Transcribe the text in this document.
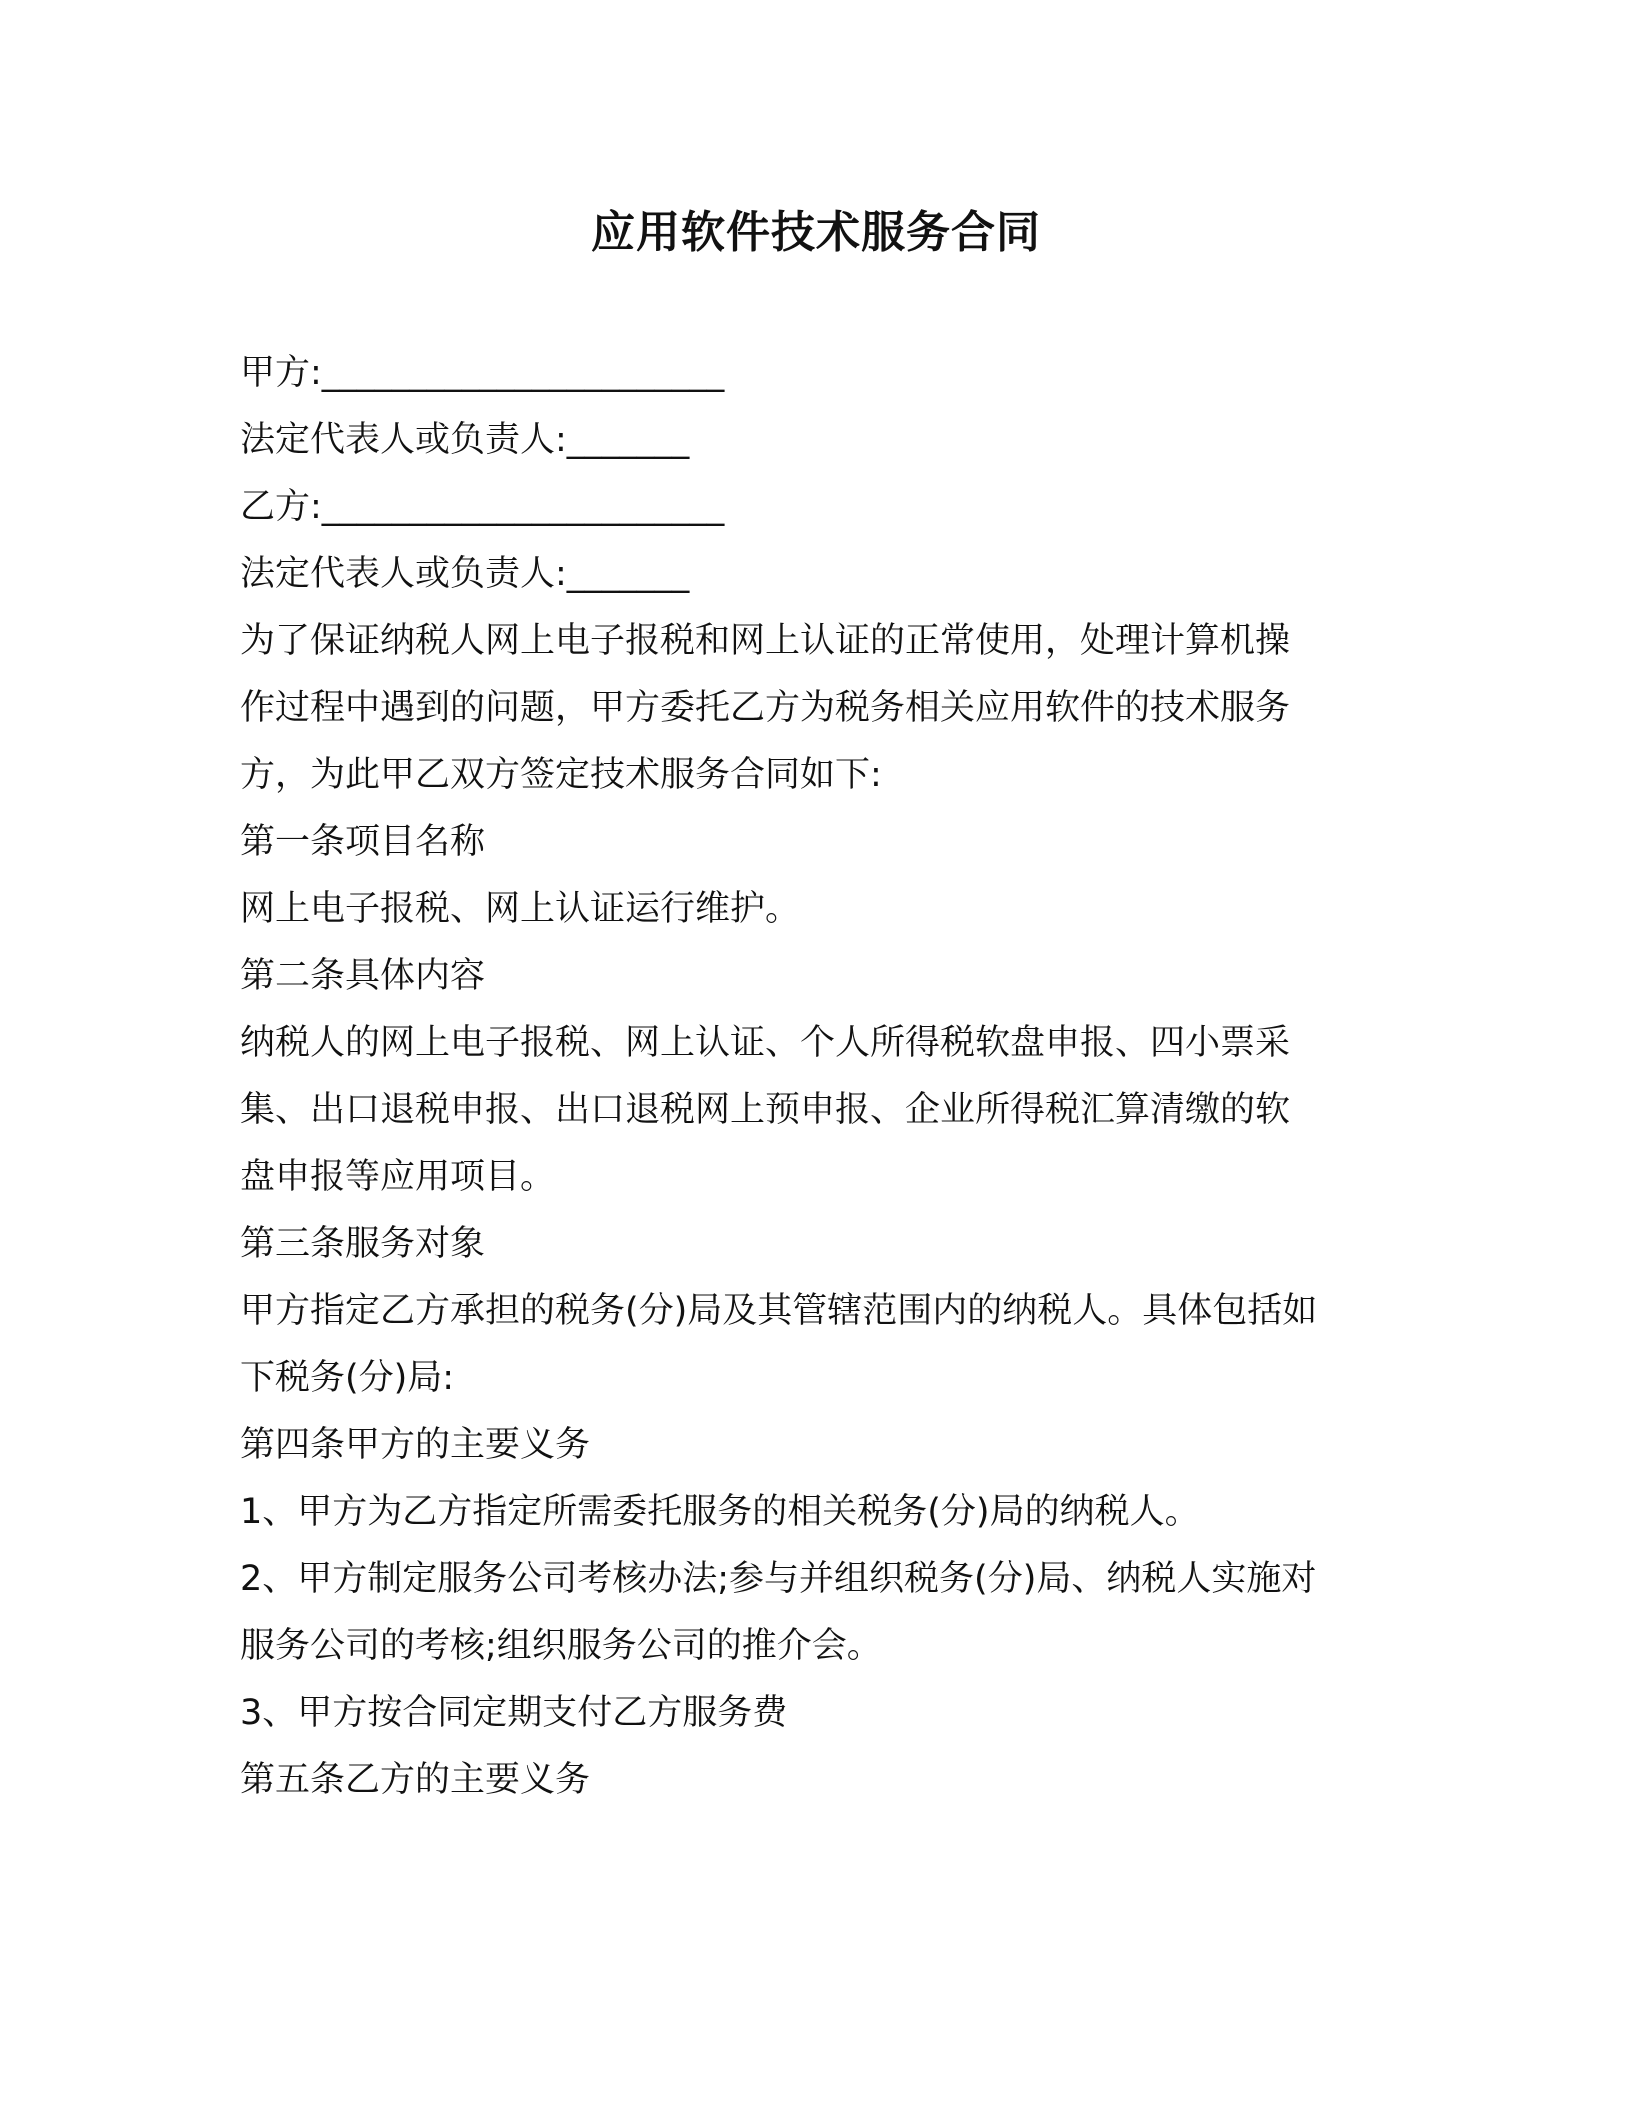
应用软件技术服务合同

甲方:_______________________

法定代表人或负责人:_______

乙方:_______________________

法定代表人或负责人:_______

为了保证纳税人网上电子报税和网上认证的正常使用，处理计算机操

作过程中遇到的问题，甲方委托乙方为税务相关应用软件的技术服务

方，为此甲乙双方签定技术服务合同如下:

第一条项目名称

网上电子报税、网上认证运行维护。

第二条具体内容

纳税人的网上电子报税、网上认证、个人所得税软盘申报、四小票采

集、出口退税申报、出口退税网上预申报、企业所得税汇算清缴的软

盘申报等应用项目。

第三条服务对象

甲方指定乙方承担的税务(分)局及其管辖范围内的纳税人。具体包括如

下税务(分)局:

第四条甲方的主要义务

1、甲方为乙方指定所需委托服务的相关税务(分)局的纳税人。

2、甲方制定服务公司考核办法;参与并组织税务(分)局、纳税人实施对

服务公司的考核;组织服务公司的推介会。

3、甲方按合同定期支付乙方服务费

第五条乙方的主要义务
